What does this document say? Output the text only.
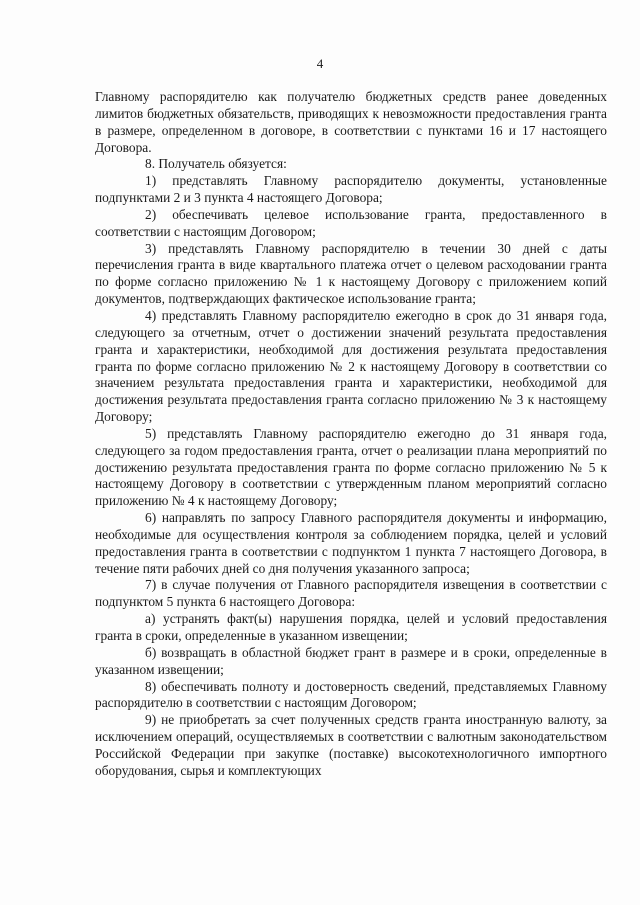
4

Главному распорядителю как получателю бюджетных средств ранее доведенных лимитов бюджетных обязательств, приводящих к невозможности предоставления гранта в размере, определенном в договоре, в соответствии с пунктами 16 и 17 настоящего Договора.

8. Получатель обязуется:

1) представлять Главному распорядителю документы, установленные подпунктами 2 и 3 пункта 4 настоящего Договора;

2) обеспечивать целевое использование гранта, предоставленного в соответствии с настоящим Договором;

3) представлять Главному распорядителю в течении 30 дней с даты перечисления гранта в виде квартального платежа отчет о целевом расходовании гранта по форме согласно приложению № 1 к настоящему Договору с приложением копий документов, подтверждающих фактическое использование гранта;

4) представлять Главному распорядителю ежегодно в срок до 31 января года, следующего за отчетным, отчет о достижении значений результата предоставления гранта и характеристики, необходимой для достижения результата предоставления гранта по форме согласно приложению № 2 к настоящему Договору в соответствии со значением результата предоставления гранта и характеристики, необходимой для достижения результата предоставления гранта согласно приложению № 3 к настоящему Договору;

5) представлять Главному распорядителю ежегодно до 31 января года, следующего за годом предоставления гранта, отчет о реализации плана мероприятий по достижению результата предоставления гранта по форме согласно приложению № 5 к настоящему Договору в соответствии с утвержденным планом мероприятий согласно приложению № 4 к настоящему Договору;

6) направлять по запросу Главного распорядителя документы и информацию, необходимые для осуществления контроля за соблюдением порядка, целей и условий предоставления гранта в соответствии с подпунктом 1 пункта 7 настоящего Договора, в течение пяти рабочих дней со дня получения указанного запроса;

7) в случае получения от Главного распорядителя извещения в соответствии с подпунктом 5 пункта 6 настоящего Договора:

а) устранять факт(ы) нарушения порядка, целей и условий предоставления гранта в сроки, определенные в указанном извещении;

б) возвращать в областной бюджет грант в размере и в сроки, определенные в указанном извещении;

8) обеспечивать полноту и достоверность сведений, представляемых Главному распорядителю в соответствии с настоящим Договором;

9) не приобретать за счет полученных средств гранта иностранную валюту, за исключением операций, осуществляемых в соответствии с валютным законодательством Российской Федерации при закупке (поставке) высокотехнологичного импортного оборудования, сырья и комплектующих
